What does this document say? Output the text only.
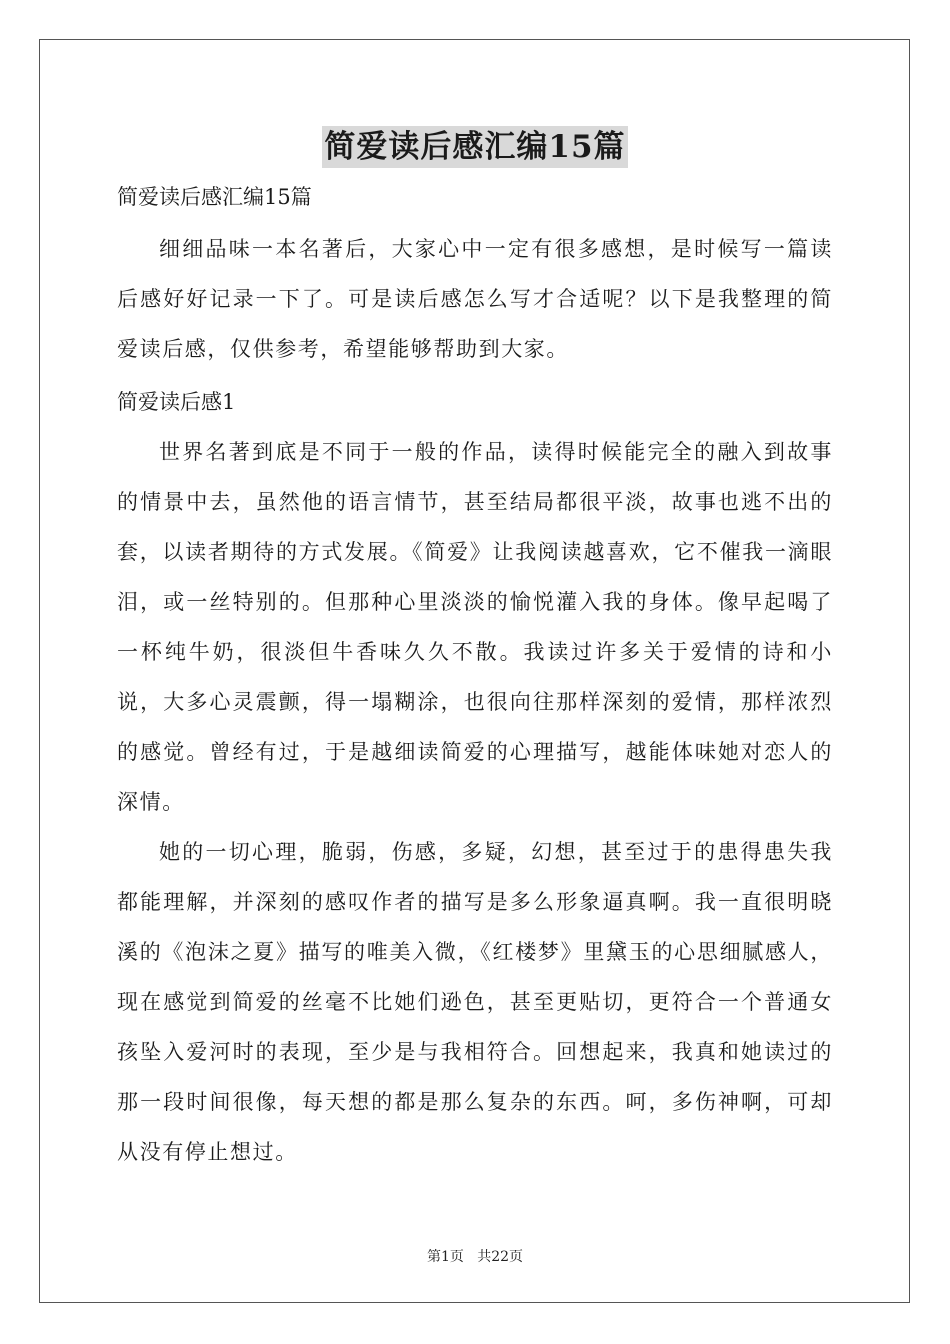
简爱读后感汇编15篇

简爱读后感汇编15篇

细细品味一本名著后，大家心中一定有很多感想，是时候写一篇读后感好好记录一下了。可是读后感怎么写才合适呢？以下是我整理的简爱读后感，仅供参考，希望能够帮助到大家。

简爱读后感1

世界名著到底是不同于一般的作品，读得时候能完全的融入到故事的情景中去，虽然他的语言情节，甚至结局都很平淡，故事也逃不出的套，以读者期待的方式发展。《简爱》让我阅读越喜欢，它不催我一滴眼泪，或一丝特别的。但那种心里淡淡的愉悦灌入我的身体。像早起喝了一杯纯牛奶，很淡但牛香味久久不散。我读过许多关于爱情的诗和小说，大多心灵震颤，得一塌糊涂，也很向往那样深刻的爱情，那样浓烈的感觉。曾经有过，于是越细读简爱的心理描写，越能体味她对恋人的深情。

她的一切心理，脆弱，伤感，多疑，幻想，甚至过于的患得患失我都能理解，并深刻的感叹作者的描写是多么形象逼真啊。我一直很明晓溪的《泡沫之夏》描写的唯美入微，《红楼梦》里黛玉的心思细腻感人，现在感觉到简爱的丝毫不比她们逊色，甚至更贴切，更符合一个普通女孩坠入爱河时的表现，至少是与我相符合。回想起来，我真和她读过的那一段时间很像，每天想的都是那么复杂的东西。呵，多伤神啊，可却从没有停止想过。

第1页   共22页
